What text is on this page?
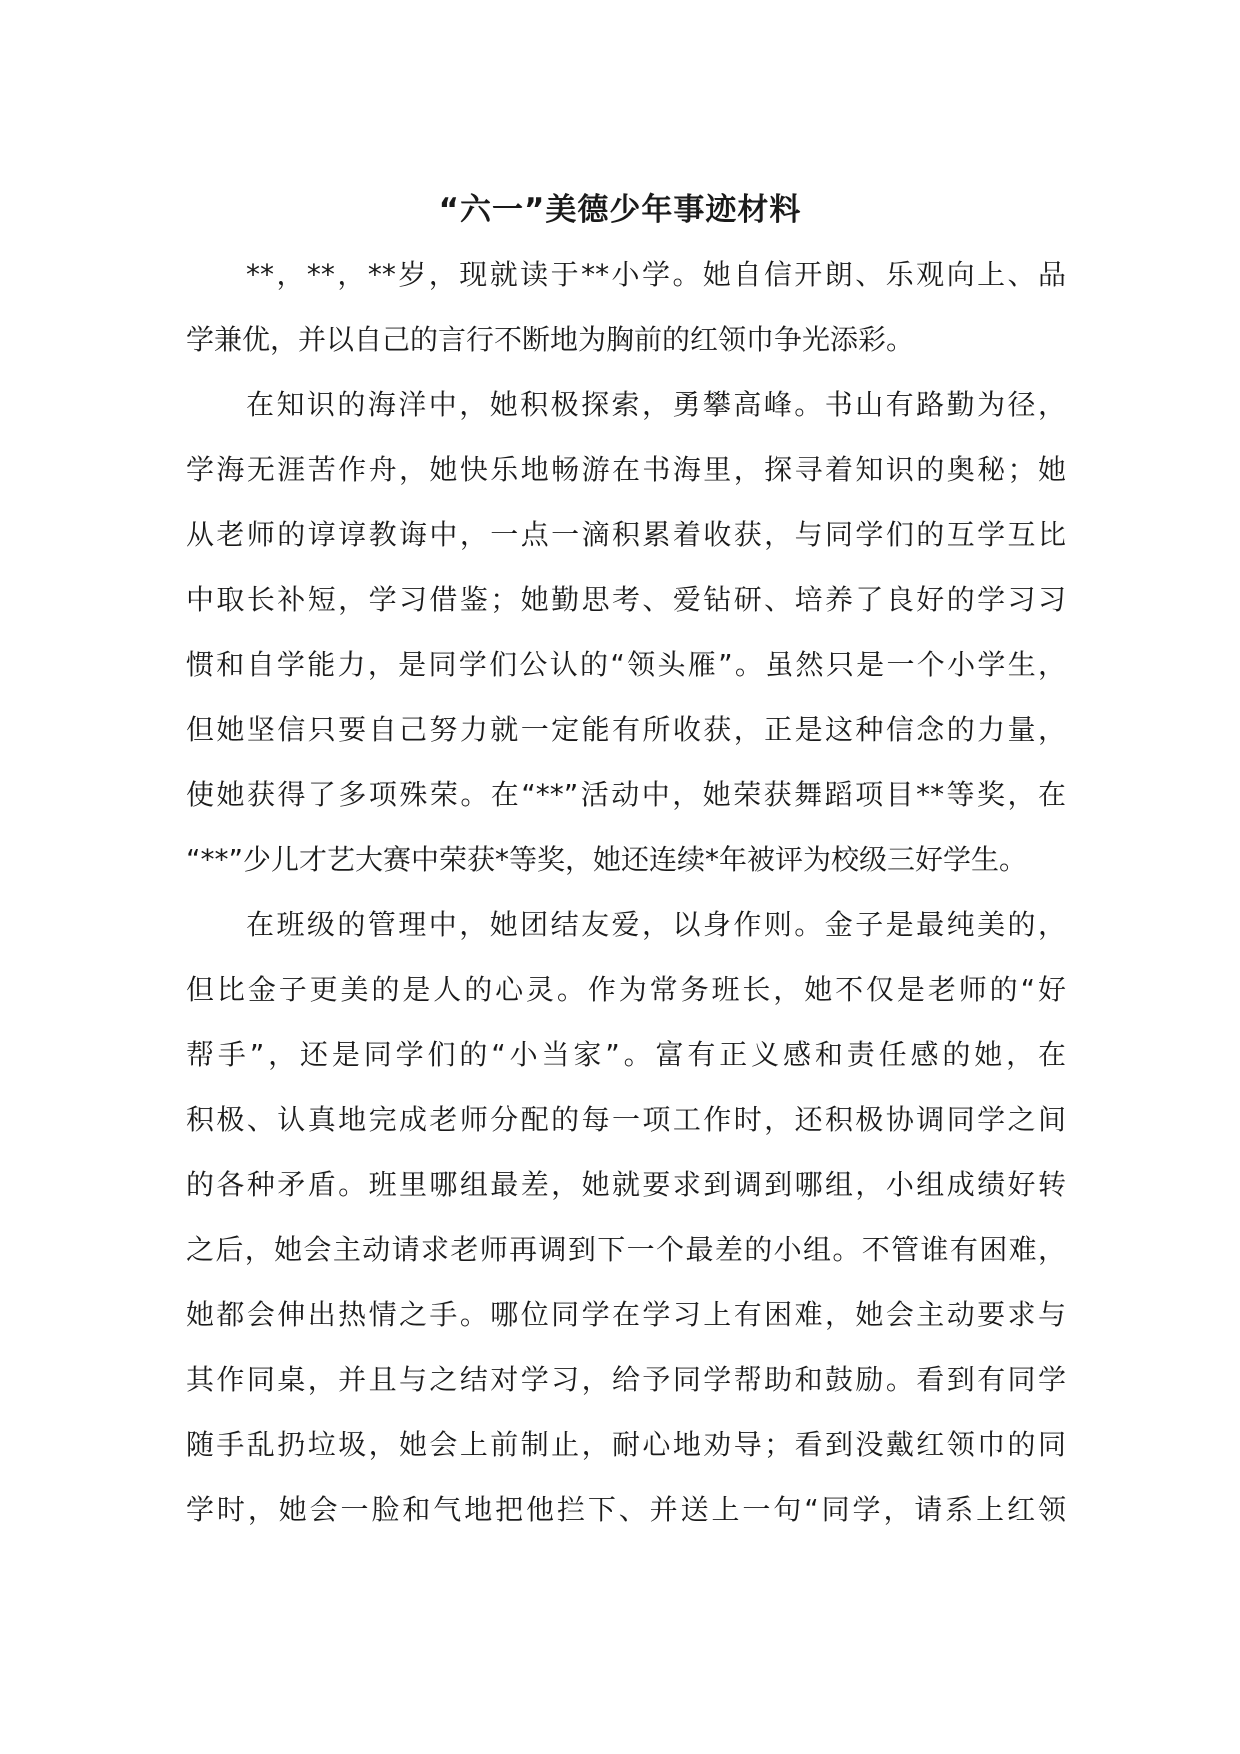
“六一”美德少年事迹材料
**，**，**岁，现就读于**小学。她自信开朗、乐观向上、品
学兼优，并以自己的言行不断地为胸前的红领巾争光添彩。
在知识的海洋中，她积极探索，勇攀高峰。书山有路勤为径，
学海无涯苦作舟，她快乐地畅游在书海里，探寻着知识的奥秘；她
从老师的谆谆教诲中，一点一滴积累着收获，与同学们的互学互比
中取长补短，学习借鉴；她勤思考、爱钻研、培养了良好的学习习
惯和自学能力，是同学们公认的“领头雁”。虽然只是一个小学生，
但她坚信只要自己努力就一定能有所收获，正是这种信念的力量，
使她获得了多项殊荣。在“**”活动中，她荣获舞蹈项目**等奖，在
“**”少儿才艺大赛中荣获*等奖，她还连续*年被评为校级三好学生。
在班级的管理中，她团结友爱，以身作则。金子是最纯美的，
但比金子更美的是人的心灵。作为常务班长，她不仅是老师的“好
帮手”，还是同学们的“小当家”。富有正义感和责任感的她，在
积极、认真地完成老师分配的每一项工作时，还积极协调同学之间
的各种矛盾。班里哪组最差，她就要求到调到哪组，小组成绩好转
之后，她会主动请求老师再调到下一个最差的小组。不管谁有困难，
她都会伸出热情之手。哪位同学在学习上有困难，她会主动要求与
其作同桌，并且与之结对学习，给予同学帮助和鼓励。看到有同学
随手乱扔垃圾，她会上前制止，耐心地劝导；看到没戴红领巾的同
学时，她会一脸和气地把他拦下、并送上一句“同学，请系上红领
